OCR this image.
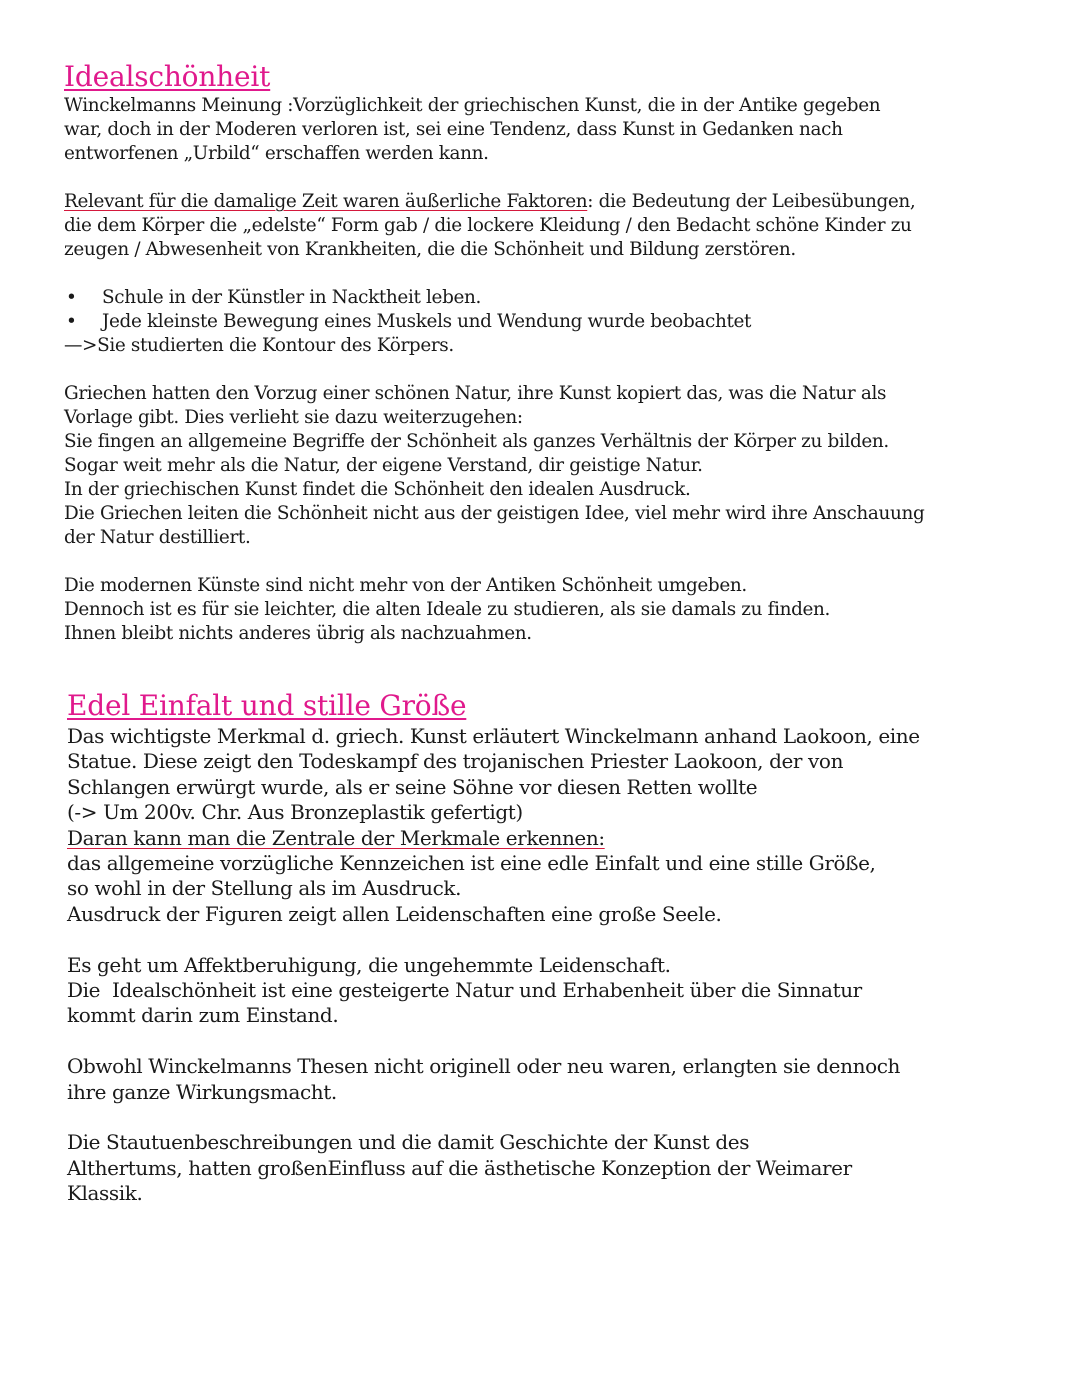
Idealschönheit

Winckelmanns Meinung :Vorzüglichkeit der griechischen Kunst, die in der Antike gegeben

war, doch in der Moderen verloren ist, sei eine Tendenz, dass Kunst in Gedanken nach

entworfenen „Urbild“ erschaffen werden kann.

Relevant für die damalige Zeit waren äußerliche Faktoren: die Bedeutung der Leibesübungen,

die dem Körper die „edelste“ Form gab / die lockere Kleidung / den Bedacht schöne Kinder zu

zeugen / Abwesenheit von Krankheiten, die die Schönheit und Bildung zerstören.

• Schule in der Künstler in Nacktheit leben.
• Jede kleinste Bewegung eines Muskels und Wendung wurde beobachtet

—>Sie studierten die Kontour des Körpers.

Griechen hatten den Vorzug einer schönen Natur, ihre Kunst kopiert das, was die Natur als

Vorlage gibt. Dies verlieht sie dazu weiterzugehen:

Sie fingen an allgemeine Begriffe der Schönheit als ganzes Verhältnis der Körper zu bilden.

Sogar weit mehr als die Natur, der eigene Verstand, dir geistige Natur.

In der griechischen Kunst findet die Schönheit den idealen Ausdruck.

Die Griechen leiten die Schönheit nicht aus der geistigen Idee, viel mehr wird ihre Anschauung

der Natur destilliert.

Die modernen Künste sind nicht mehr von der Antiken Schönheit umgeben.

Dennoch ist es für sie leichter, die alten Ideale zu studieren, als sie damals zu finden.

Ihnen bleibt nichts anderes übrig als nachzuahmen.

Edel Einfalt und stille Größe

Das wichtigste Merkmal d. griech. Kunst erläutert Winckelmann anhand Laokoon, eine

Statue. Diese zeigt den Todeskampf des trojanischen Priester Laokoon, der von

Schlangen erwürgt wurde, als er seine Söhne vor diesen Retten wollte

(-> Um 200v. Chr. Aus Bronzeplastik gefertigt)

Daran kann man die Zentrale der Merkmale erkennen:

das allgemeine vorzügliche Kennzeichen ist eine edle Einfalt und eine stille Größe,

so wohl in der Stellung als im Ausdruck.

Ausdruck der Figuren zeigt allen Leidenschaften eine große Seele.

Es geht um Affektberuhigung, die ungehemmte Leidenschaft.

Die  Idealschönheit ist eine gesteigerte Natur und Erhabenheit über die Sinnatur

kommt darin zum Einstand.

Obwohl Winckelmanns Thesen nicht originell oder neu waren, erlangten sie dennoch

ihre ganze Wirkungsmacht.

Die Stautuenbeschreibungen und die damit Geschichte der Kunst des

Althertums, hatten großenEinfluss auf die ästhetische Konzeption der Weimarer

Klassik.
